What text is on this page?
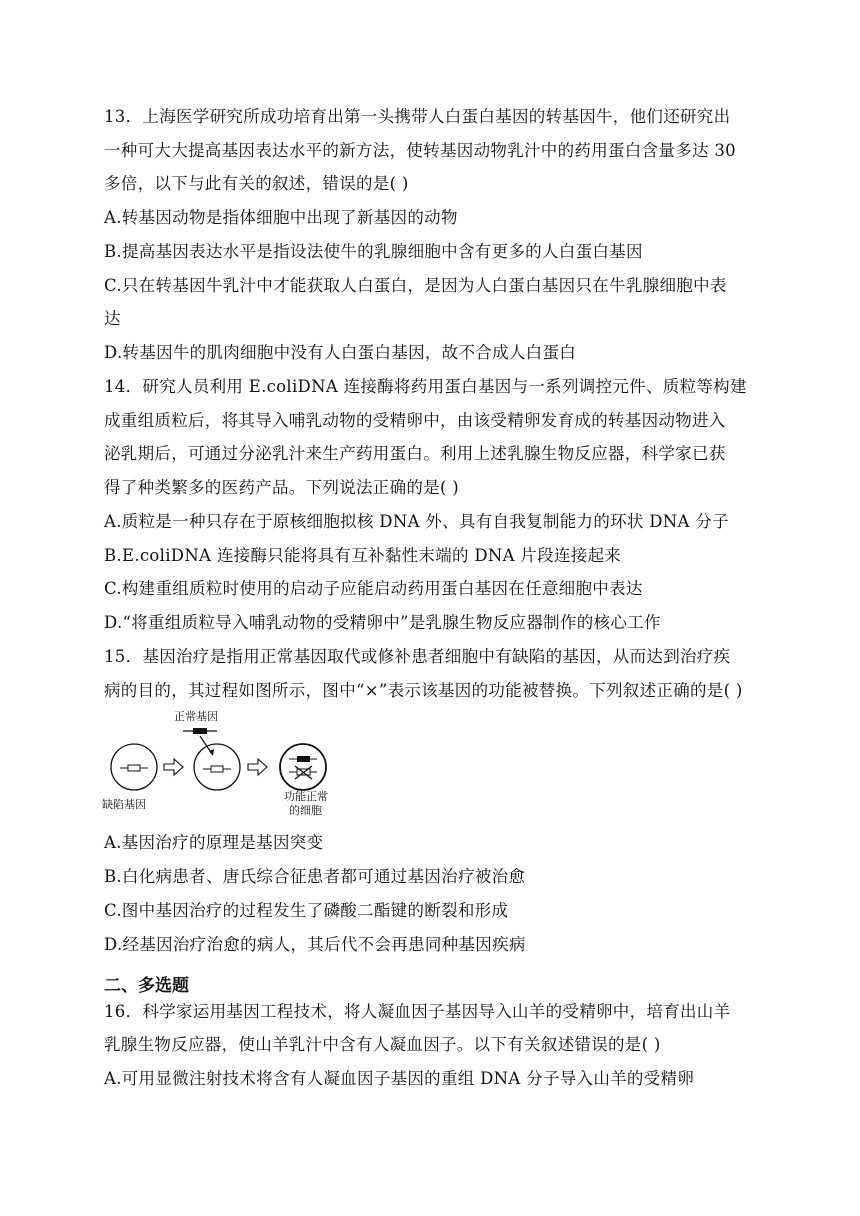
13．上海医学研究所成功培育出第一头携带人白蛋白基因的转基因牛，他们还研究出
一种可大大提高基因表达水平的新方法，使转基因动物乳汁中的药用蛋白含量多达 30
多倍，以下与此有关的叙述，错误的是( )
A.转基因动物是指体细胞中出现了新基因的动物
B.提高基因表达水平是指设法使牛的乳腺细胞中含有更多的人白蛋白基因
C.只在转基因牛乳汁中才能获取人白蛋白，是因为人白蛋白基因只在牛乳腺细胞中表
达
D.转基因牛的肌肉细胞中没有人白蛋白基因，故不合成人白蛋白
14．研究人员利用 E.coliDNA 连接酶将药用蛋白基因与一系列调控元件、质粒等构建
成重组质粒后，将其导入哺乳动物的受精卵中，由该受精卵发育成的转基因动物进入
泌乳期后，可通过分泌乳汁来生产药用蛋白。利用上述乳腺生物反应器，科学家已获
得了种类繁多的医药产品。下列说法正确的是( )
A.质粒是一种只存在于原核细胞拟核 DNA 外、具有自我复制能力的环状 DNA 分子
B.E.coliDNA 连接酶只能将具有互补黏性末端的 DNA 片段连接起来
C.构建重组质粒时使用的启动子应能启动药用蛋白基因在任意细胞中表达
D.“将重组质粒导入哺乳动物的受精卵中”是乳腺生物反应器制作的核心工作
15．基因治疗是指用正常基因取代或修补患者细胞中有缺陷的基因，从而达到治疗疾
病的目的，其过程如图所示，图中“×”表示该基因的功能被替换。下列叙述正确的是( )
正常基因
缺陷基因
功能正常
的细胞
A.基因治疗的原理是基因突变
B.白化病患者、唐氏综合征患者都可通过基因治疗被治愈
C.图中基因治疗的过程发生了磷酸二酯键的断裂和形成
D.经基因治疗治愈的病人，其后代不会再患同种基因疾病
二、多选题
16．科学家运用基因工程技术，将人凝血因子基因导入山羊的受精卵中，培育出山羊
乳腺生物反应器，使山羊乳汁中含有人凝血因子。以下有关叙述错误的是( )
A.可用显微注射技术将含有人凝血因子基因的重组 DNA 分子导入山羊的受精卵
